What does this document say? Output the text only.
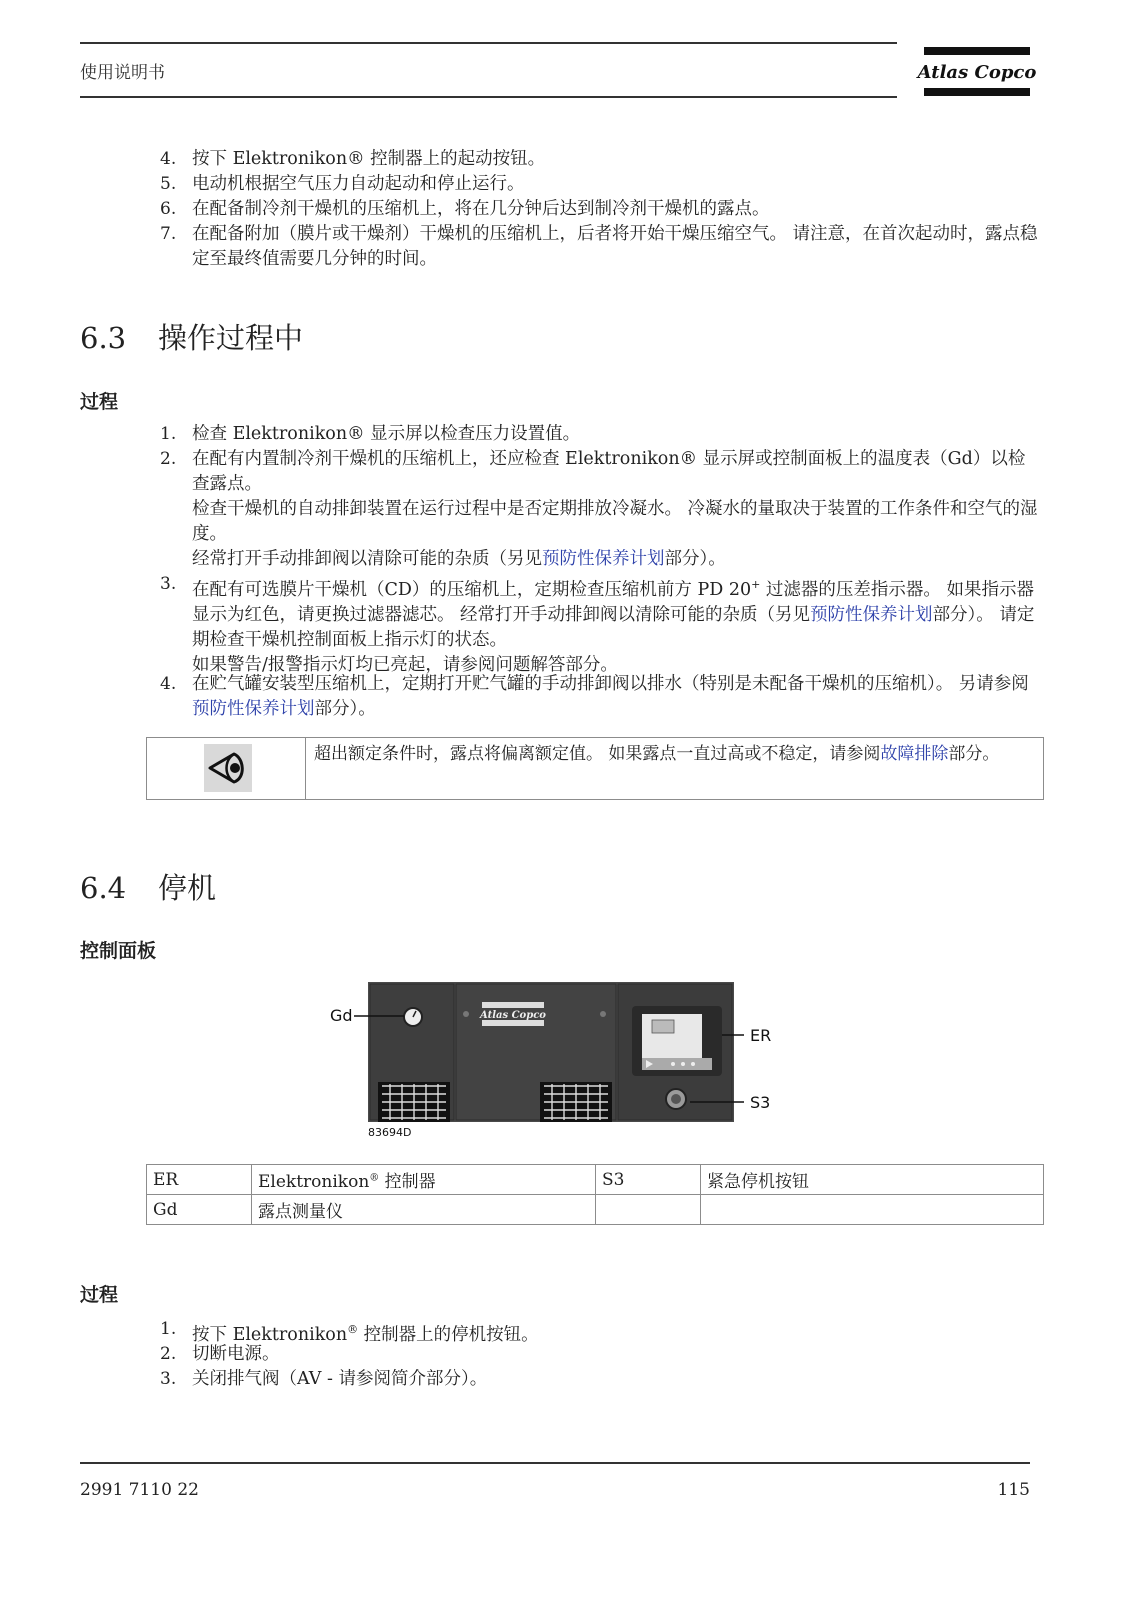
使用说明书	Atlas Copco
4. 按下 Elektronikon® 控制器上的起动按钮。
5. 电动机根据空气压力自动起动和停止运行。
6. 在配备制冷剂干燥机的压缩机上，将在几分钟后达到制冷剂干燥机的露点。
7. 在配备附加（膜片或干燥剂）干燥机的压缩机上，后者将开始干燥压缩空气。 请注意，在首次起动时，露点稳定至最终值需要几分钟的时间。
6.3 操作过程中
过程
1. 检查 Elektronikon® 显示屏以检查压力设置值。
2. 在配有内置制冷剂干燥机的压缩机上，还应检查 Elektronikon® 显示屏或控制面板上的温度表（Gd）以检查露点。

检查干燥机的自动排卸装置在运行过程中是否定期排放冷凝水。 冷凝水的量取决于装置的工作条件和空气的湿度。

经常打开手动排卸阀以清除可能的杂质（另见预防性保养计划部分）。

3. 在配有可选膜片干燥机（CD）的压缩机上，定期检查压缩机前方 PD 20+ 过滤器的压差指示器。 如果指示器显示为红色，请更换过滤器滤芯。 经常打开手动排卸阀以清除可能的杂质（另见预防性保养计划部分）。 请定期检查干燥机控制面板上指示灯的状态。

如果警告/报警指示灯均已亮起，请参阅问题解答部分。

4. 在贮气罐安装型压缩机上，定期打开贮气罐的手动排卸阀以排水（特别是未配备干燥机的压缩机）。 另请参阅预防性保养计划部分）。

超出额定条件时，露点将偏离额定值。 如果露点一直过高或不稳定，请参阅故障排除部分。
6.4 停机
控制面板
Atlas Copco
Gd
ER
S3
83694D
ER	Elektronikon® 控制器	S3	紧急停机按钮
Gd	露点测量仪		
过程
1. 按下 Elektronikon® 控制器上的停机按钮。
2. 切断电源。
3. 关闭排气阀（AV - 请参阅简介部分）。
2991 7110 22	115
